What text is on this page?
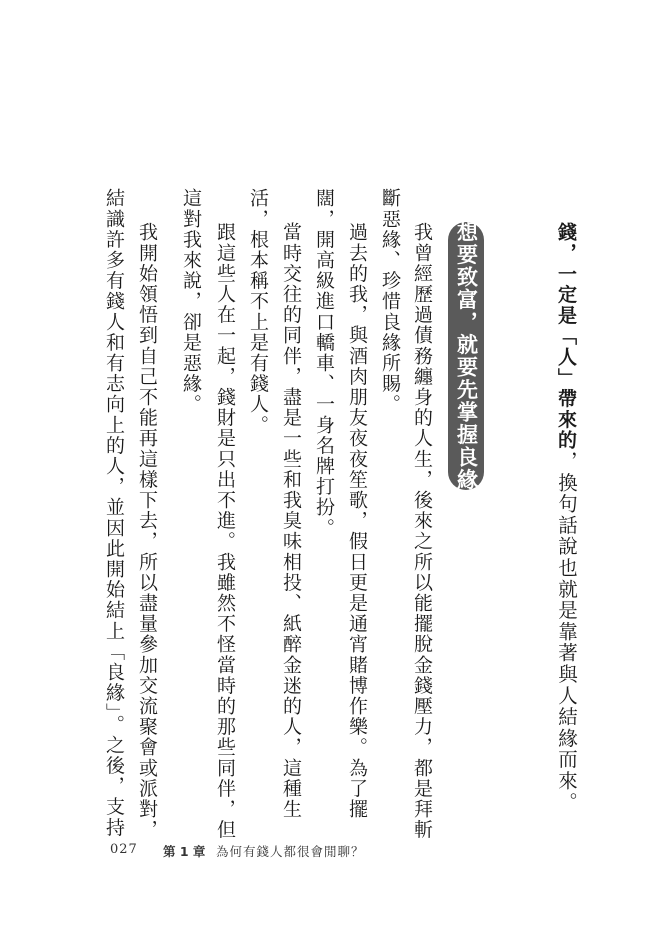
錢，一定是「人」帶來的，換句話說也就是靠著與人結緣而來。
想要致富，就要先掌握良緣
我曾經歷過債務纏身的人生，後來之所以能擺脫金錢壓力，都是拜斬
斷惡緣、珍惜良緣所賜。
過去的我，與酒肉朋友夜夜笙歌，假日更是通宵賭博作樂。為了擺
闊，開高級進口轎車、一身名牌打扮。
當時交往的同伴，盡是一些和我臭味相投、紙醉金迷的人，這種生
活，根本稱不上是有錢人。
跟這些人在一起，錢財是只出不進。我雖然不怪當時的那些同伴，但
這對我來說，卻是惡緣。
我開始領悟到自己不能再這樣下去，所以盡量參加交流聚會或派對，
結識許多有錢人和有志向上的人，並因此開始結上「良緣」。之後，支持
027 第 1 章 為何有錢人都很會閒聊？
